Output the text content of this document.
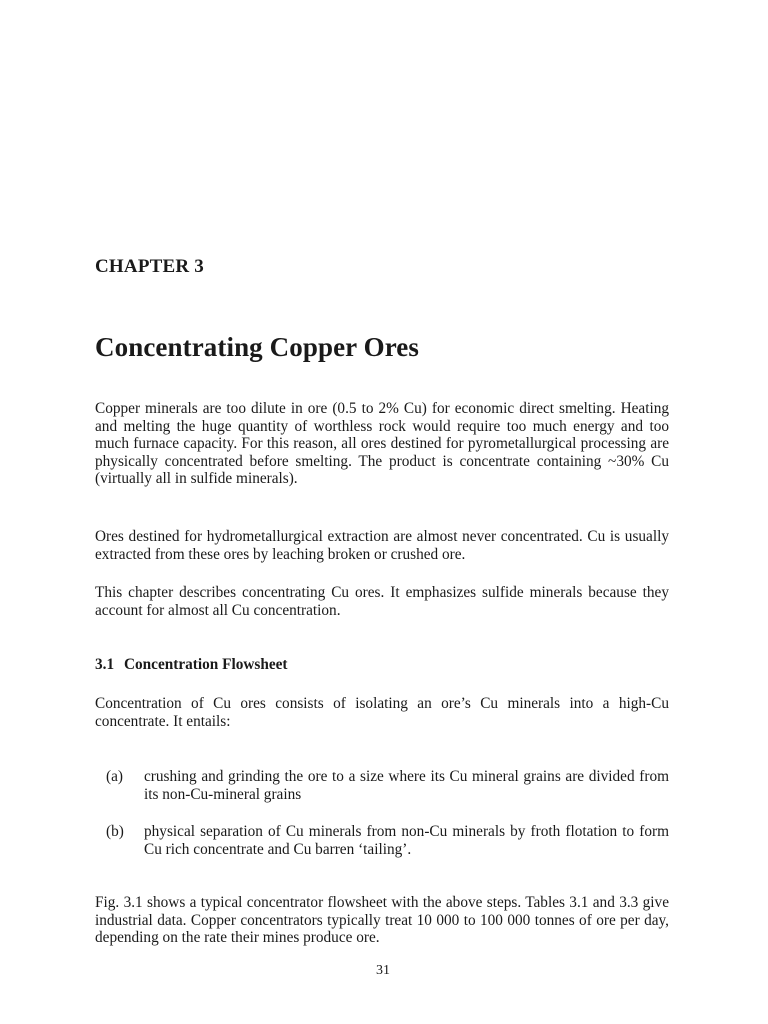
CHAPTER 3
Concentrating Copper Ores

Copper minerals are too dilute in ore (0.5 to 2% Cu) for economic direct smelting. Heating and melting the huge quantity of worthless rock would require too much energy and too much furnace capacity. For this reason, all ores destined for pyrometallurgical processing are physically concentrated before smelting. The product is concentrate containing ~30% Cu (virtually all in sulfide minerals).

Ores destined for hydrometallurgical extraction are almost never concentrated. Cu is usually extracted from these ores by leaching broken or crushed ore.

This chapter describes concentrating Cu ores. It emphasizes sulfide minerals because they account for almost all Cu concentration.

3.1 Concentration Flowsheet

Concentration of Cu ores consists of isolating an ore’s Cu minerals into a high-Cu concentrate. It entails:

(a) crushing and grinding the ore to a size where its Cu mineral grains are divided from its non-Cu-mineral grains
(b) physical separation of Cu minerals from non-Cu minerals by froth flotation to form Cu rich concentrate and Cu barren ‘tailing’.

Fig. 3.1 shows a typical concentrator flowsheet with the above steps. Tables 3.1 and 3.3 give industrial data. Copper concentrators typically treat 10 000 to 100 000 tonnes of ore per day, depending on the rate their mines produce ore.

31
